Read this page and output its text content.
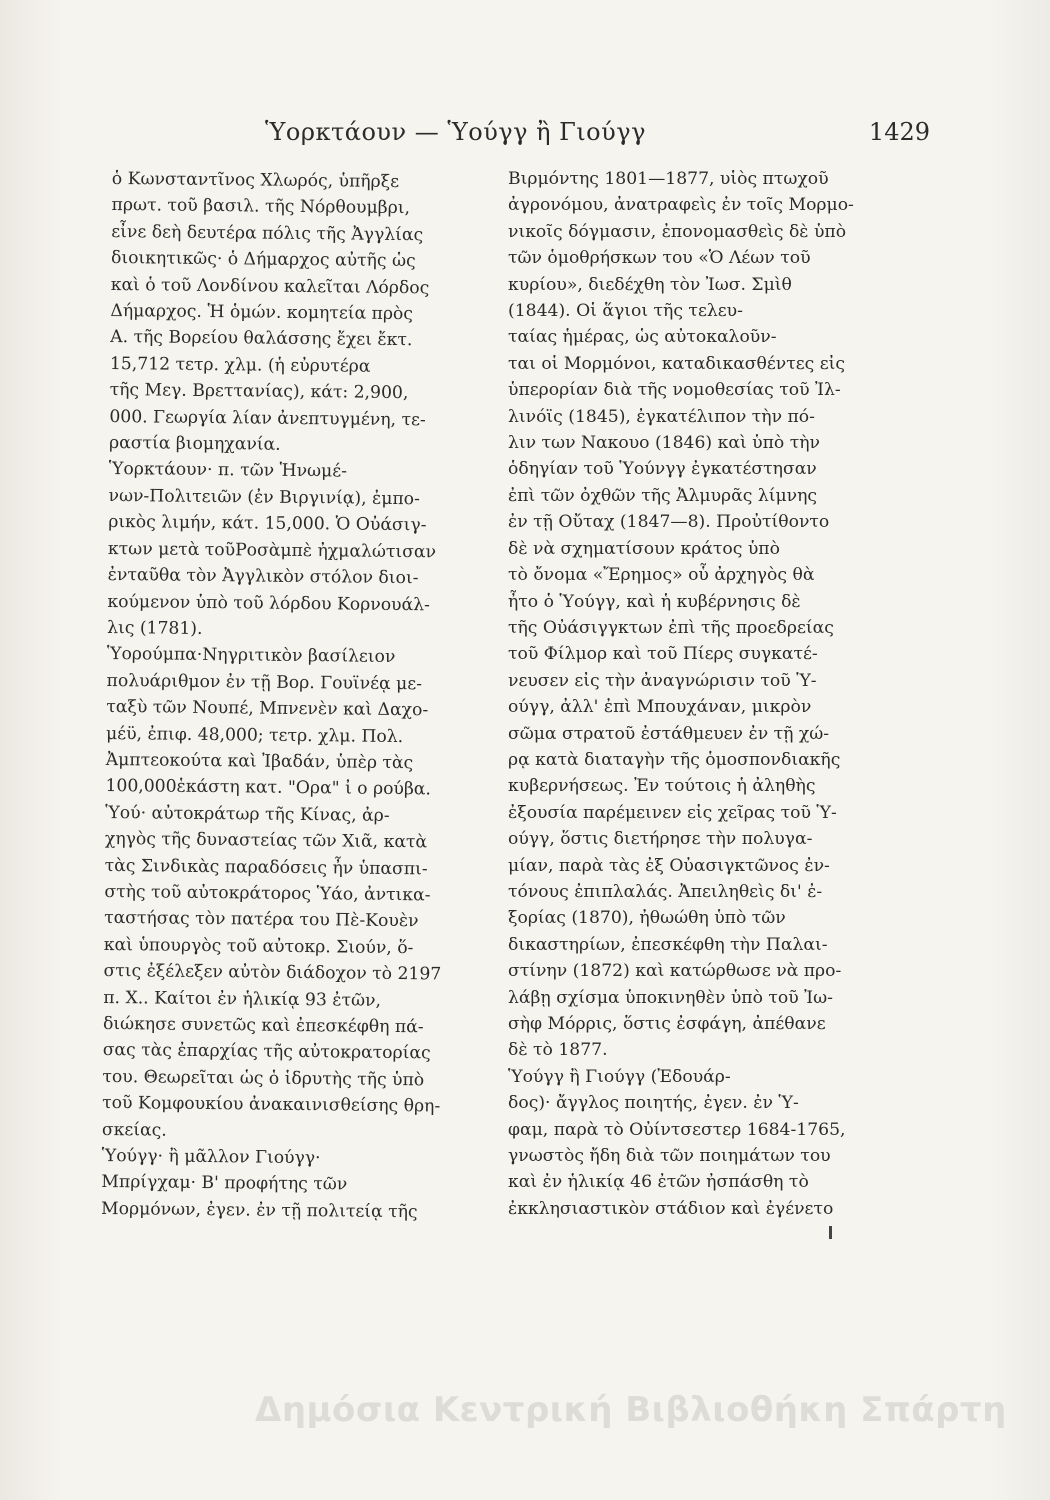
Ὑορκτάουν — Ὑούγγ ἢ Γιούγγ	1429
ὁ Κωνσταντῖνος Χλωρός, ὑπῆρξε
πρωτ. τοῦ βασιλ. τῆς Νόρθουμβρι,
εἶνε δεὴ δευτέρα πόλις τῆς Ἀγγλίας
διοικητικῶς· ὁ Δήμαρχος αὐτῆς ὡς
καὶ ὁ τοῦ Λονδίνου καλεῖται Λόρδος
Δήμαρχος. Ἡ ὁμών. κομητεία πρὸς
Α. τῆς Βορείου θαλάσσης ἔχει ἔκτ.
15,712 τετρ. χλμ. (ἡ εὐρυτέρα
τῆς Μεγ. Βρεττανίας), κάτ: 2,900,
000. Γεωργία λίαν ἀνεπτυγμένη, τε-
ραστία βιομηχανία.
Ὑορκτάουν· π. τῶν Ἡνωμέ-
νων-Πολιτειῶν (ἐν Βιργινίᾳ), ἐμπο-
ρικὸς λιμήν, κάτ. 15,000. Ὁ Οὐάσιγ-
κτων μετὰ τοῦΡοσὰμπὲ ἠχμαλώτισαν
ἐνταῦθα τὸν Ἀγγλικὸν στόλον διοι-
κούμενον ὑπὸ τοῦ λόρδου Κορνουάλ-
λις (1781).
Ὑορούμπα·Νηγριτικὸν βασίλειον
πολυάριθμον ἐν τῇ Βορ. Γουϊνέᾳ με-
ταξὺ τῶν Νουπέ, Μπνενὲν καὶ Δαχο-
μέϋ, ἐπιφ. 48,000; τετρ. χλμ. Πολ.
Ἀμπτεοκούτα καὶ Ἰβαδάν, ὑπὲρ τὰς
100,000ἑκάστη κατ. "Ορα" ἰ ο ρούβα.
Ὑού· αὐτοκράτωρ τῆς Κίνας, ἀρ-
χηγὸς τῆς δυναστείας τῶν Χιᾶ, κατὰ
τὰς Σινδικὰς παραδόσεις ἦν ὑπασπι-
στὴς τοῦ αὐτοκράτορος Ὑάο, ἀντικα-
ταστήσας τὸν πατέρα του Πὲ-Κουὲν
καὶ ὑπουργὸς τοῦ αὐτοκρ. Σιούν, ὅ-
στις ἐξέλεξεν αὐτὸν διάδοχον τὸ 2197
π. Χ.. Καίτοι ἐν ἡλικίᾳ 93 ἐτῶν,
διώκησε συνετῶς καὶ ἐπεσκέφθη πά-
σας τὰς ἐπαρχίας τῆς αὐτοκρατορίας
του. Θεωρεῖται ὡς ὁ ἱδρυτὴς τῆς ὑπὸ
τοῦ Κομφουκίου ἀνακαινισθείσης θρη-
σκείας.
Ὑούγγ· ἢ μᾶλλον Γιούγγ·
Μπρίγχαμ· Β' προφήτης τῶν
Μορμόνων, ἐγεν. ἐν τῇ πολιτείᾳ τῆς
Βιρμόντης 1801—1877, υἱὸς πτωχοῦ
ἀγρονόμου, ἀνατραφεὶς ἐν τοῖς Μορμο-
νικοῖς δόγμασιν, ἐπονομασθεὶς δὲ ὑπὸ
τῶν ὁμοθρήσκων του «Ὁ Λέων τοῦ
κυρίου», διεδέχθη τὸν Ἰωσ. Σμὶθ
(1844). Οἱ ἅγιοι τῆς τελευ-
ταίας ἡμέρας, ὡς αὐτοκαλοῦν-
ται οἱ Μορμόνοι, καταδικασθέντες εἰς
ὑπερορίαν διὰ τῆς νομοθεσίας τοῦ Ἰλ-
λινόϊς (1845), ἐγκατέλιπον τὴν πό-
λιν των Νακουο (1846) καὶ ὑπὸ τὴν
ὁδηγίαν τοῦ Ὑούνγγ ἐγκατέστησαν
ἐπὶ τῶν ὀχθῶν τῆς Ἀλμυρᾶς λίμνης
ἐν τῇ Οὔταχ (1847—8). Προὐτίθοντο
δὲ νὰ σχηματίσουν κράτος ὑπὸ
τὸ ὄνομα «Ἔρημος» οὗ ἀρχηγὸς θὰ
ἦτο ὁ Ὑούγγ, καὶ ἡ κυβέρνησις δὲ
τῆς Οὐάσιγγκτων ἐπὶ τῆς προεδρείας
τοῦ Φίλμορ καὶ τοῦ Πίερς συγκατέ-
νευσεν εἰς τὴν ἀναγνώρισιν τοῦ Ὑ-
ούγγ, ἀλλ' ἐπὶ Μπουχάναν, μικρὸν
σῶμα στρατοῦ ἐστάθμευεν ἐν τῇ χώ-
ρᾳ κατὰ διαταγὴν τῆς ὁμοσπονδιακῆς
κυβερνήσεως. Ἐν τούτοις ἡ ἀληθὴς
ἐξουσία παρέμεινεν εἰς χεῖρας τοῦ Ὑ-
ούγγ, ὅστις διετήρησε τὴν πολυγα-
μίαν, παρὰ τὰς ἐξ Οὐασιγκτῶνος ἐν-
τόνους ἐπιπλαλάς. Ἀπειληθεὶς δι' ἐ-
ξορίας (1870), ἠθωώθη ὑπὸ τῶν
δικαστηρίων, ἐπεσκέφθη τὴν Παλαι-
στίνην (1872) καὶ κατώρθωσε νὰ προ-
λάβῃ σχίσμα ὑποκινηθὲν ὑπὸ τοῦ Ἰω-
σὴφ Μόρρις, ὅστις ἐσφάγη, ἀπέθανε
δὲ τὸ 1877.
Ὑούγγ ἢ Γιούγγ (Ἐδουάρ-
δος)· ἄγγλος ποιητής, ἐγεν. ἐν Ὑ-
φαμ, παρὰ τὸ Οὐίντσεστερ 1684-1765,
γνωστὸς ἤδη διὰ τῶν ποιημάτων του
καὶ ἐν ἡλικίᾳ 46 ἐτῶν ἠσπάσθη τὸ
ἐκκλησιαστικὸν στάδιον καὶ ἐγένετο
Δημόσια Κεντρική Βιβλιοθήκη Σπάρτη
